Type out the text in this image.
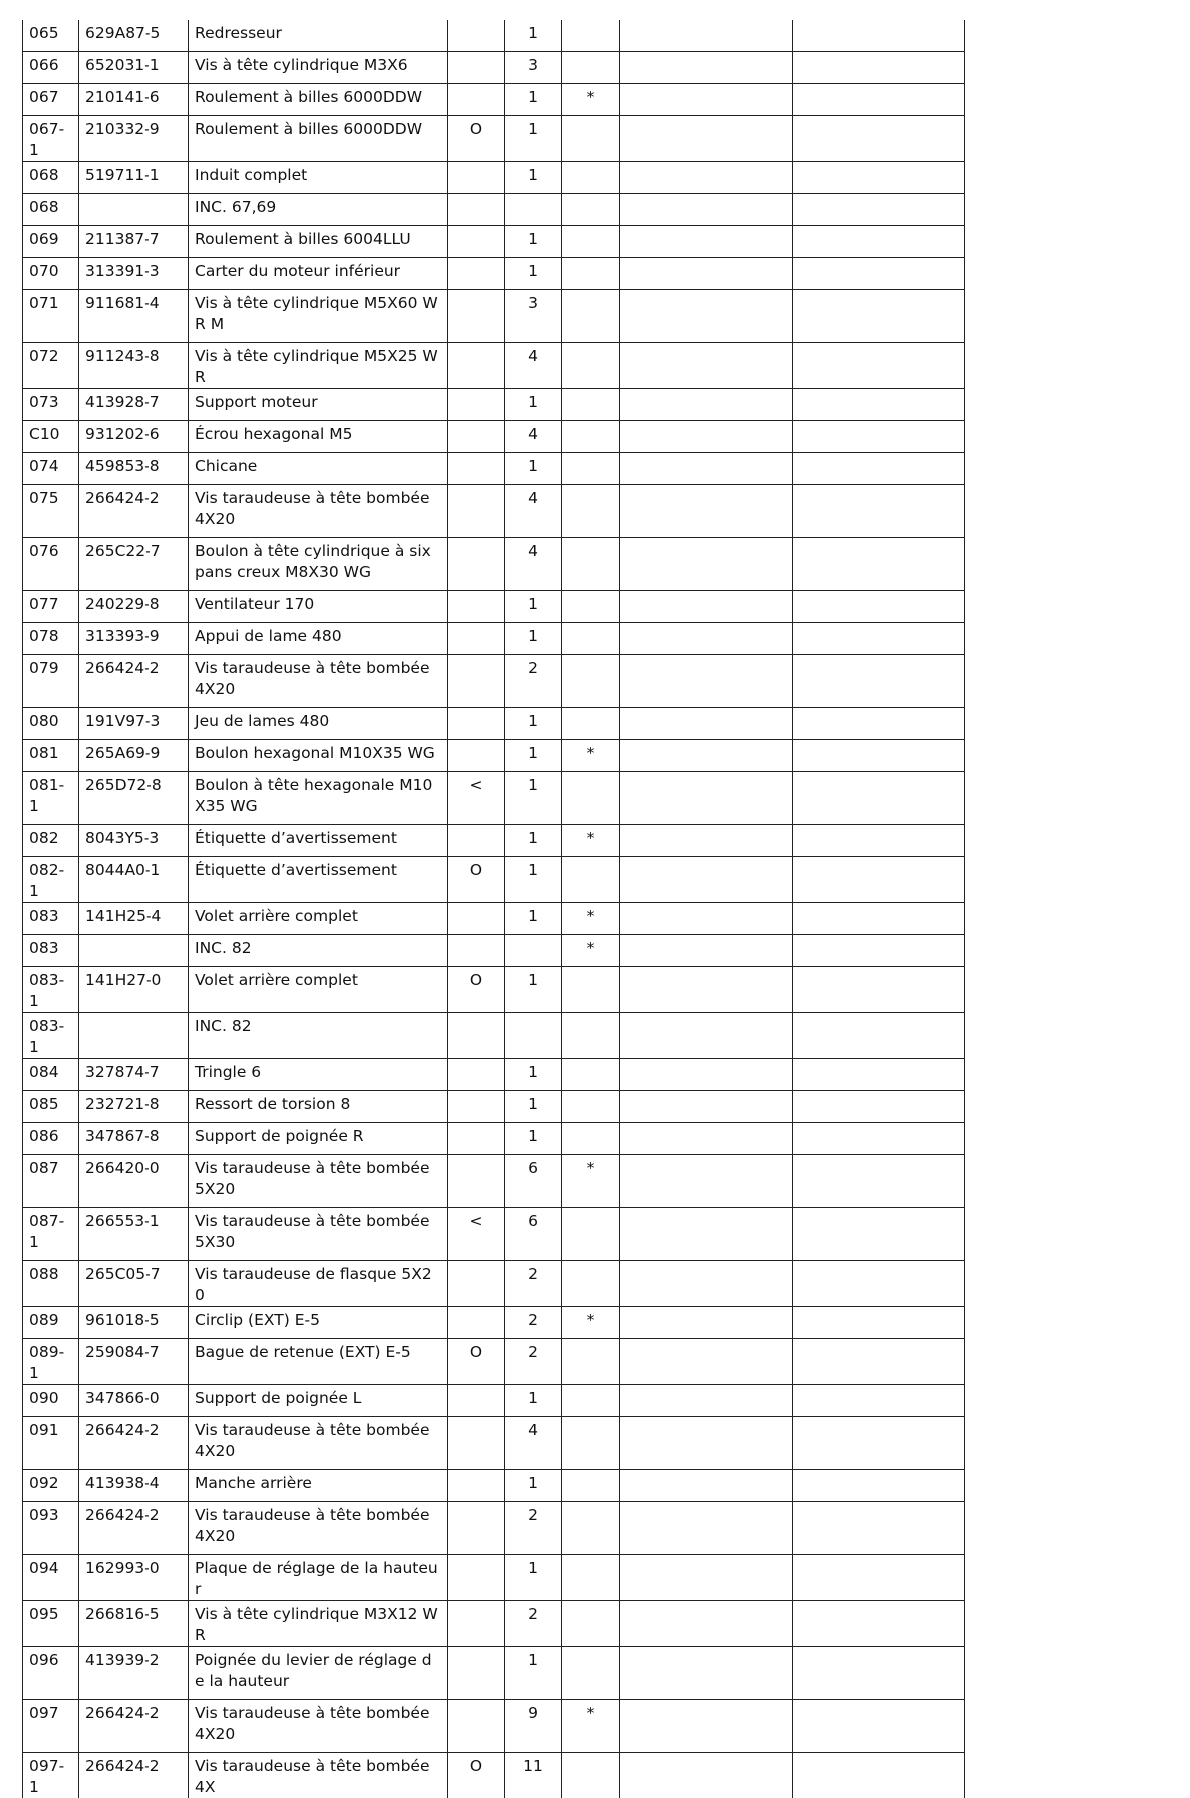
065	629A87-5	Redresseur		1			
066	652031-1	Vis à tête cylindrique M3X6		3			
067	210141-6	Roulement à billes 6000DDW		1	*		
067-1	210332-9	Roulement à billes 6000DDW	O	1			
068	519711-1	Induit complet		1			
068		INC. 67,69					
069	211387-7	Roulement à billes 6004LLU		1			
070	313391-3	Carter du moteur inférieur		1			
071	911681-4	Vis à tête cylindrique M5X60 WR M		3			
072	911243-8	Vis à tête cylindrique M5X25 WR		4			
073	413928-7	Support moteur		1			
C10	931202-6	Écrou hexagonal M5		4			
074	459853-8	Chicane		1			
075	266424-2	Vis taraudeuse à tête bombée 4X20		4			
076	265C22-7	Boulon à tête cylindrique à six pans creux M8X30 WG		4			
077	240229-8	Ventilateur 170		1			
078	313393-9	Appui de lame 480		1			
079	266424-2	Vis taraudeuse à tête bombée 4X20		2			
080	191V97-3	Jeu de lames 480		1			
081	265A69-9	Boulon hexagonal M10X35 WG		1	*		
081-1	265D72-8	Boulon à tête hexagonale M10X35 WG	<	1			
082	8043Y5-3	Étiquette d’avertissement		1	*		
082-1	8044A0-1	Étiquette d’avertissement	O	1			
083	141H25-4	Volet arrière complet		1	*		
083		INC. 82			*		
083-1	141H27-0	Volet arrière complet	O	1			
083-1		INC. 82					
084	327874-7	Tringle 6		1			
085	232721-8	Ressort de torsion 8		1			
086	347867-8	Support de poignée R		1			
087	266420-0	Vis taraudeuse à tête bombée 5X20		6	*		
087-1	266553-1	Vis taraudeuse à tête bombée 5X30	<	6			
088	265C05-7	Vis taraudeuse de flasque 5X20		2			
089	961018-5	Circlip (EXT) E-5		2	*		
089-1	259084-7	Bague de retenue (EXT) E-5	O	2			
090	347866-0	Support de poignée L		1			
091	266424-2	Vis taraudeuse à tête bombée 4X20		4			
092	413938-4	Manche arrière		1			
093	266424-2	Vis taraudeuse à tête bombée 4X20		2			
094	162993-0	Plaque de réglage de la hauteur		1			
095	266816-5	Vis à tête cylindrique M3X12 WR		2			
096	413939-2	Poignée du levier de réglage de la hauteur		1			
097	266424-2	Vis taraudeuse à tête bombée 4X20		9	*		
097-1	266424-2	Vis taraudeuse à tête bombée 4X	O	11			
